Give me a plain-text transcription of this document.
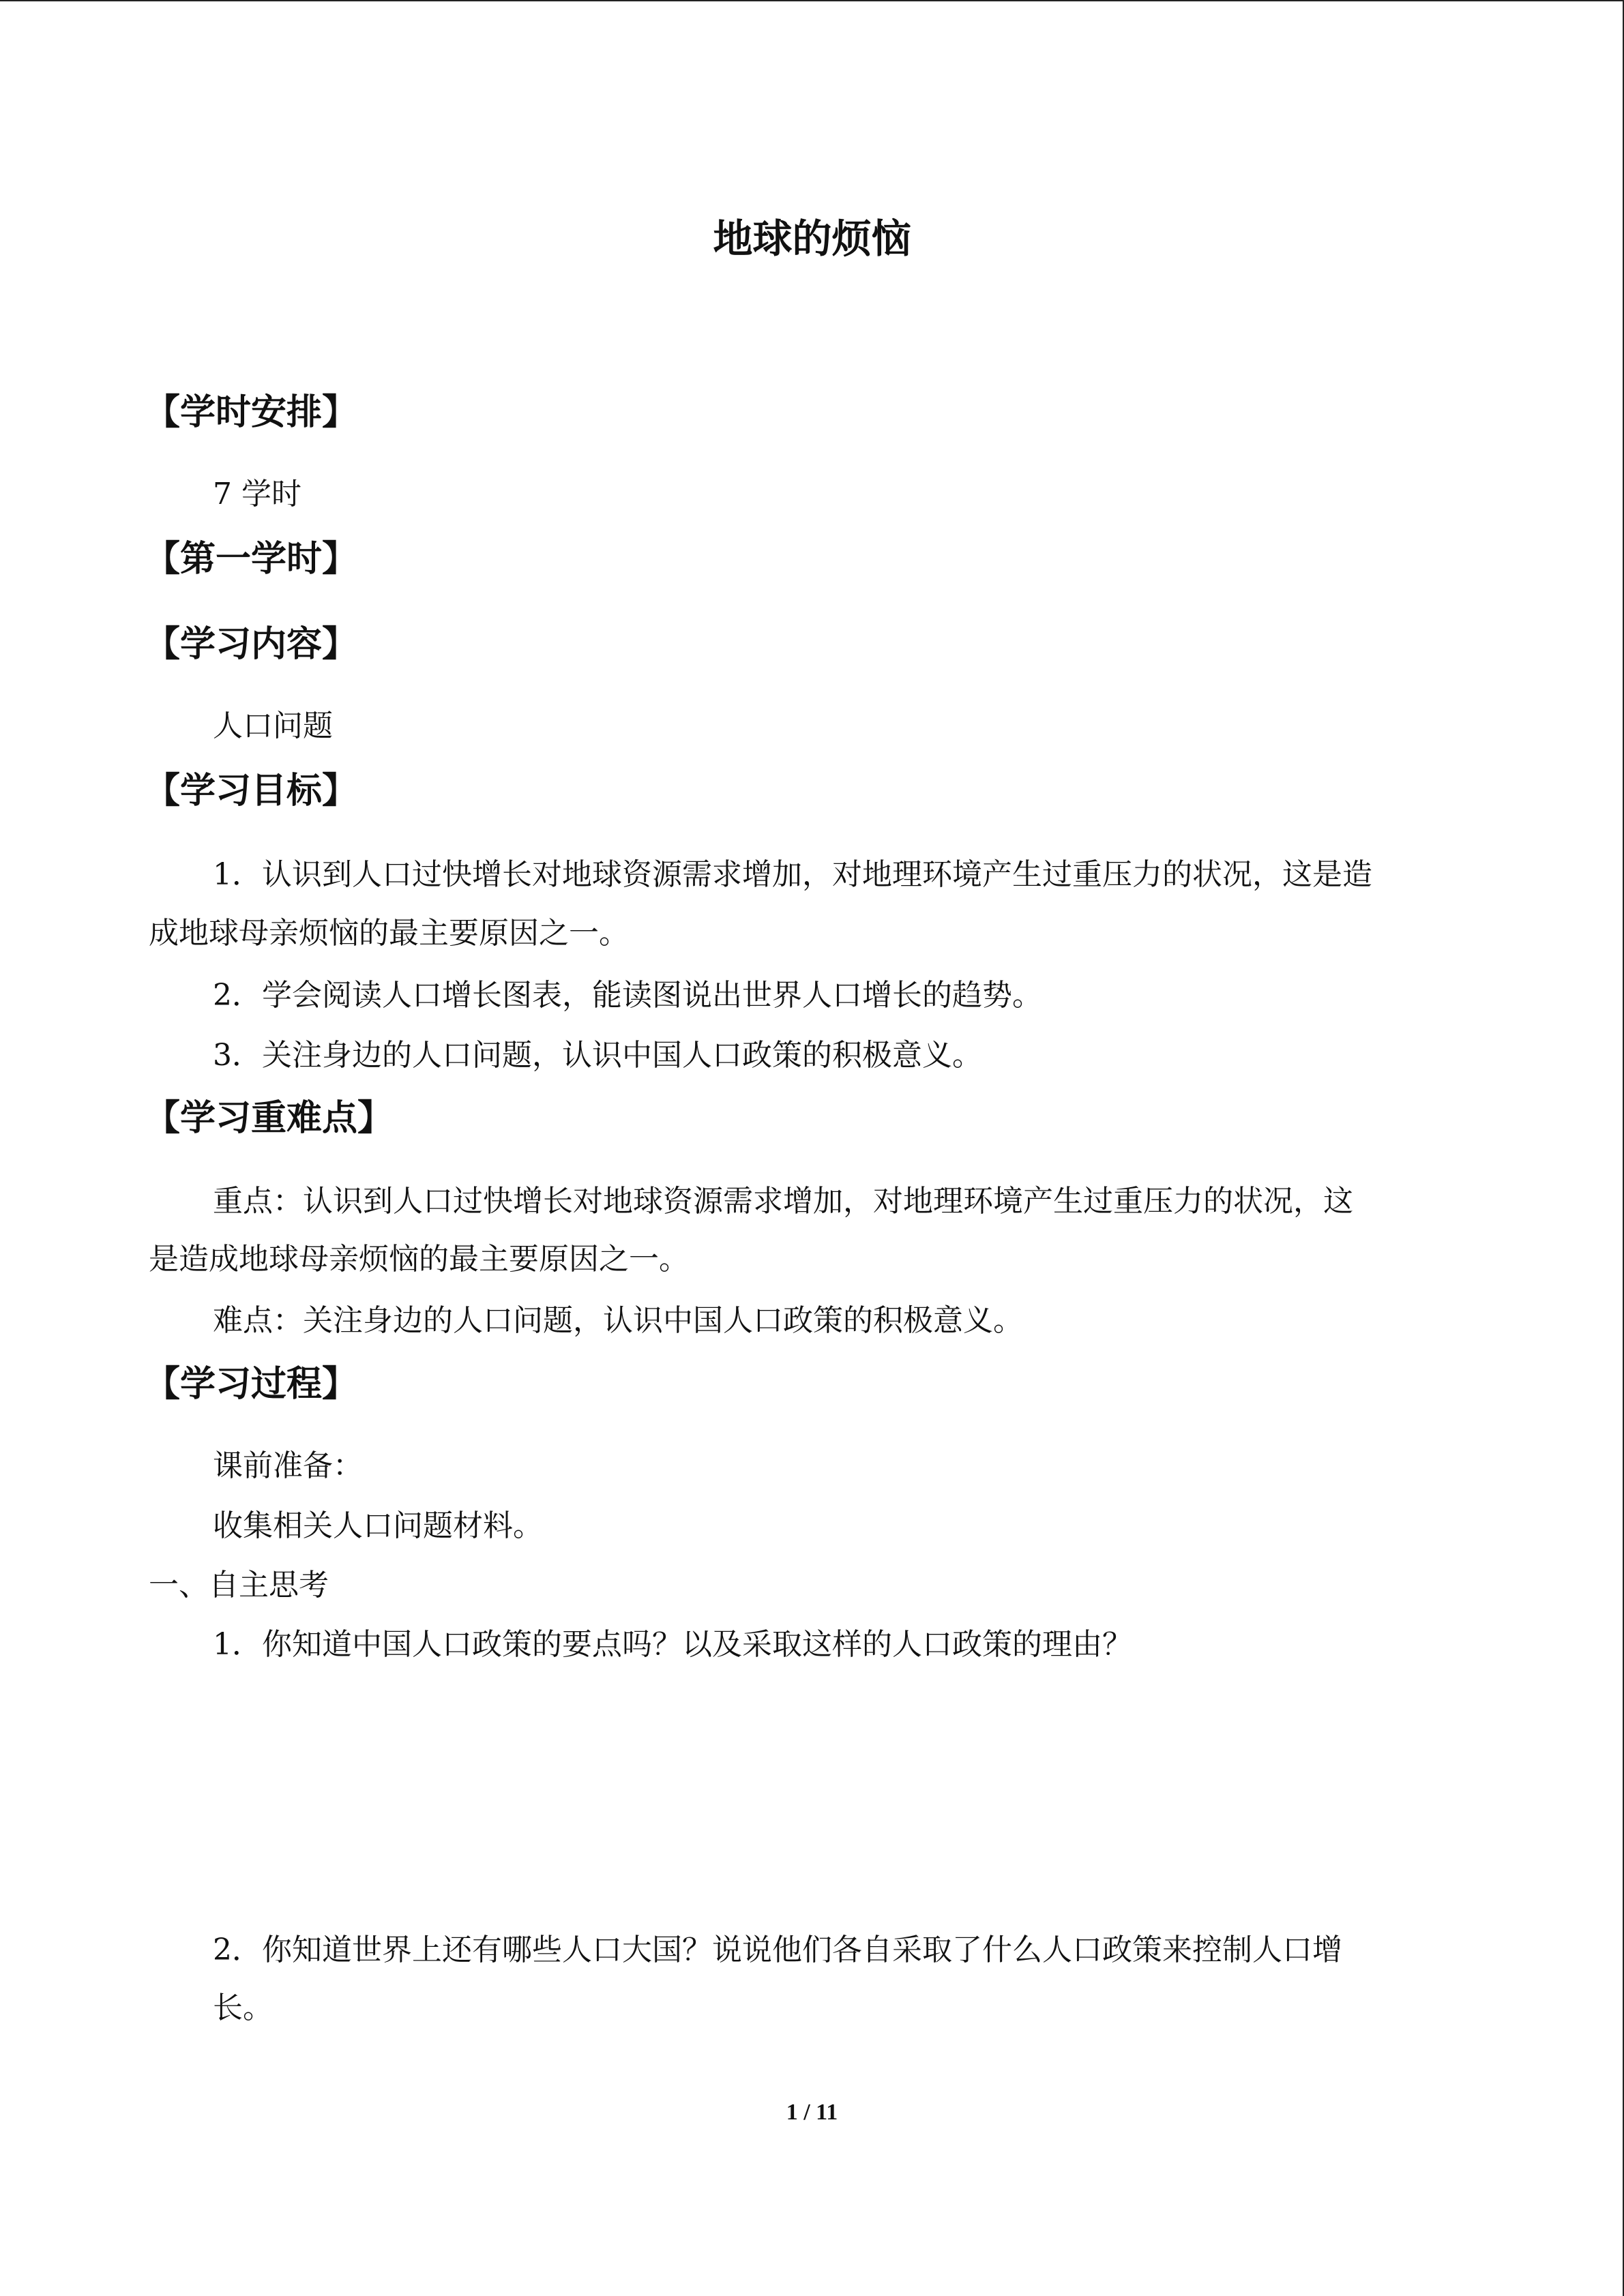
地球的烦恼
【学时安排】
7 学时
【第一学时】
【学习内容】
人口问题
【学习目标】
1．认识到人口过快增长对地球资源需求增加，对地理环境产生过重压力的状况，这是造
成地球母亲烦恼的最主要原因之一。
2．学会阅读人口增长图表，能读图说出世界人口增长的趋势。
3．关注身边的人口问题，认识中国人口政策的积极意义。
【学习重难点】
重点：认识到人口过快增长对地球资源需求增加，对地理环境产生过重压力的状况，这
是造成地球母亲烦恼的最主要原因之一。
难点：关注身边的人口问题，认识中国人口政策的积极意义。
【学习过程】
课前准备：
收集相关人口问题材料。
一、自主思考
1．你知道中国人口政策的要点吗？以及采取这样的人口政策的理由？
2．你知道世界上还有哪些人口大国？说说他们各自采取了什么人口政策来控制人口增
长。
1 / 11
